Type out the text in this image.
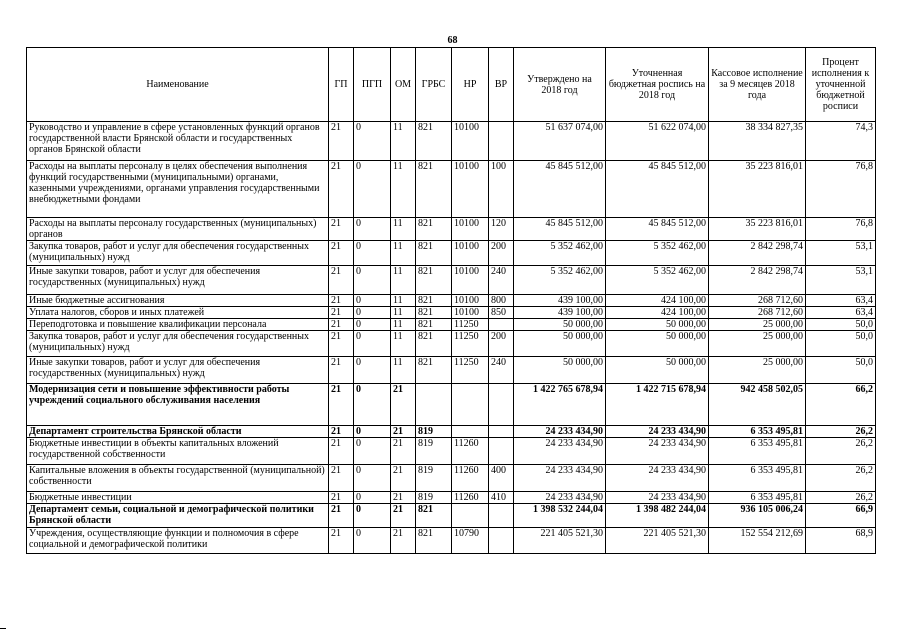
68
Наименование	ГП	ПГП	ОМ	ГРБС	НР	ВР	Утверждено на 2018 год	Уточненная бюджетная роспись на 2018 год	Кассовое исполнение за 9 месяцев 2018 года	Процент исполнения к уточненной бюджетной росписи
Руководство и управление в сфере установленных функций органов государственной власти Брянской области и государственных органов Брянской области	21	0	11	821	10100		51 637 074,00	51 622 074,00	38 334 827,35	74,3
Расходы на выплаты персоналу в целях обеспечения выполнения функций государственными (муниципальными) органами, казенными учреждениями, органами управления государственными внебюджетными фондами	21	0	11	821	10100	100	45 845 512,00	45 845 512,00	35 223 816,01	76,8
Расходы на выплаты персоналу государственных (муниципальных) органов	21	0	11	821	10100	120	45 845 512,00	45 845 512,00	35 223 816,01	76,8
Закупка товаров, работ и услуг для обеспечения государственных (муниципальных) нужд	21	0	11	821	10100	200	5 352 462,00	5 352 462,00	2 842 298,74	53,1
Иные закупки товаров, работ и услуг для обеспечения государственных (муниципальных) нужд	21	0	11	821	10100	240	5 352 462,00	5 352 462,00	2 842 298,74	53,1
Иные бюджетные ассигнования	21	0	11	821	10100	800	439 100,00	424 100,00	268 712,60	63,4
Уплата налогов, сборов и иных платежей	21	0	11	821	10100	850	439 100,00	424 100,00	268 712,60	63,4
Переподготовка и повышение квалификации персонала	21	0	11	821	11250		50 000,00	50 000,00	25 000,00	50,0
Закупка товаров, работ и услуг для обеспечения государственных (муниципальных) нужд	21	0	11	821	11250	200	50 000,00	50 000,00	25 000,00	50,0
Иные закупки товаров, работ и услуг для обеспечения государственных (муниципальных) нужд	21	0	11	821	11250	240	50 000,00	50 000,00	25 000,00	50,0
Модернизация сети и повышение эффективности работы учреждений социального обслуживания населения	21	0	21				1 422 765 678,94	1 422 715 678,94	942 458 502,05	66,2
Департамент строительства Брянской области	21	0	21	819			24 233 434,90	24 233 434,90	6 353 495,81	26,2
Бюджетные инвестиции в объекты капитальных вложений государственной собственности	21	0	21	819	11260		24 233 434,90	24 233 434,90	6 353 495,81	26,2
Капитальные вложения в объекты государственной (муниципальной) собственности	21	0	21	819	11260	400	24 233 434,90	24 233 434,90	6 353 495,81	26,2
Бюджетные инвестиции	21	0	21	819	11260	410	24 233 434,90	24 233 434,90	6 353 495,81	26,2
Департамент семьи, социальной и демографической политики Брянской области	21	0	21	821			1 398 532 244,04	1 398 482 244,04	936 105 006,24	66,9
Учреждения, осуществляющие функции и полномочия в сфере социальной и демографической политики	21	0	21	821	10790		221 405 521,30	221 405 521,30	152 554 212,69	68,9
